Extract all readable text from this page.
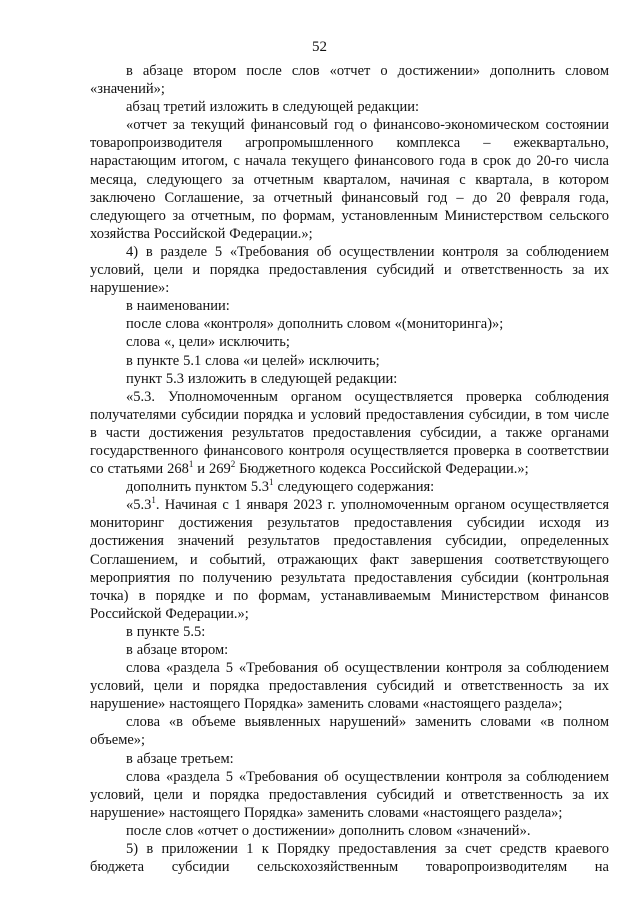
52

в абзаце втором после слов «отчет о достижении» дополнить словом «значений»;

абзац третий изложить в следующей редакции:

«отчет за текущий финансовый год о финансово-экономическом состоянии товаропроизводителя агропромышленного комплекса – ежеквартально, нарастающим итогом, с начала текущего финансового года в срок до 20-го числа месяца, следующего за отчетным кварталом, начиная с квартала, в котором заключено Соглашение, за отчетный финансовый год – до 20 февраля года, следующего за отчетным, по формам, установленным Министерством сельского хозяйства Российской Федерации.»;

4) в разделе 5 «Требования об осуществлении контроля за соблюдением условий, цели и порядка предоставления субсидий и ответственность за их нарушение»:

в наименовании:

после слова «контроля» дополнить словом «(мониторинга)»;

слова «, цели» исключить;

в пункте 5.1 слова «и целей» исключить;

пункт 5.3 изложить в следующей редакции:

«5.3. Уполномоченным органом осуществляется проверка соблюдения получателями субсидии порядка и условий предоставления субсидии, в том числе в части достижения результатов предоставления субсидии, а также органами государственного финансового контроля осуществляется проверка в соответствии со статьями $268^1$ и $269^2$ Бюджетного кодекса Российской Федерации.»;

дополнить пунктом $5.3^1$ следующего содержания:

«$5.3^1$. Начиная с 1 января 2023 г. уполномоченным органом осуществляется мониторинг достижения результатов предоставления субсидии исходя из достижения значений результатов предоставления субсидии, определенных Соглашением, и событий, отражающих факт завершения соответствующего мероприятия по получению результата предоставления субсидии (контрольная точка) в порядке и по формам, устанавливаемым Министерством финансов Российской Федерации.»;

в пункте 5.5:

в абзаце втором:

слова «раздела 5 «Требования об осуществлении контроля за соблюдением условий, цели и порядка предоставления субсидий и ответственность за их нарушение» настоящего Порядка» заменить словами «настоящего раздела»;

слова «в объеме выявленных нарушений» заменить словами «в полном объеме»;

в абзаце третьем:

слова «раздела 5 «Требования об осуществлении контроля за соблюдением условий, цели и порядка предоставления субсидий и ответственность за их нарушение» настоящего Порядка» заменить словами «настоящего раздела»;

после слов «отчет о достижении» дополнить словом «значений».

5) в приложении 1 к Порядку предоставления за счет средств краевого бюджета субсидии сельскохозяйственным товаропроизводителям на
